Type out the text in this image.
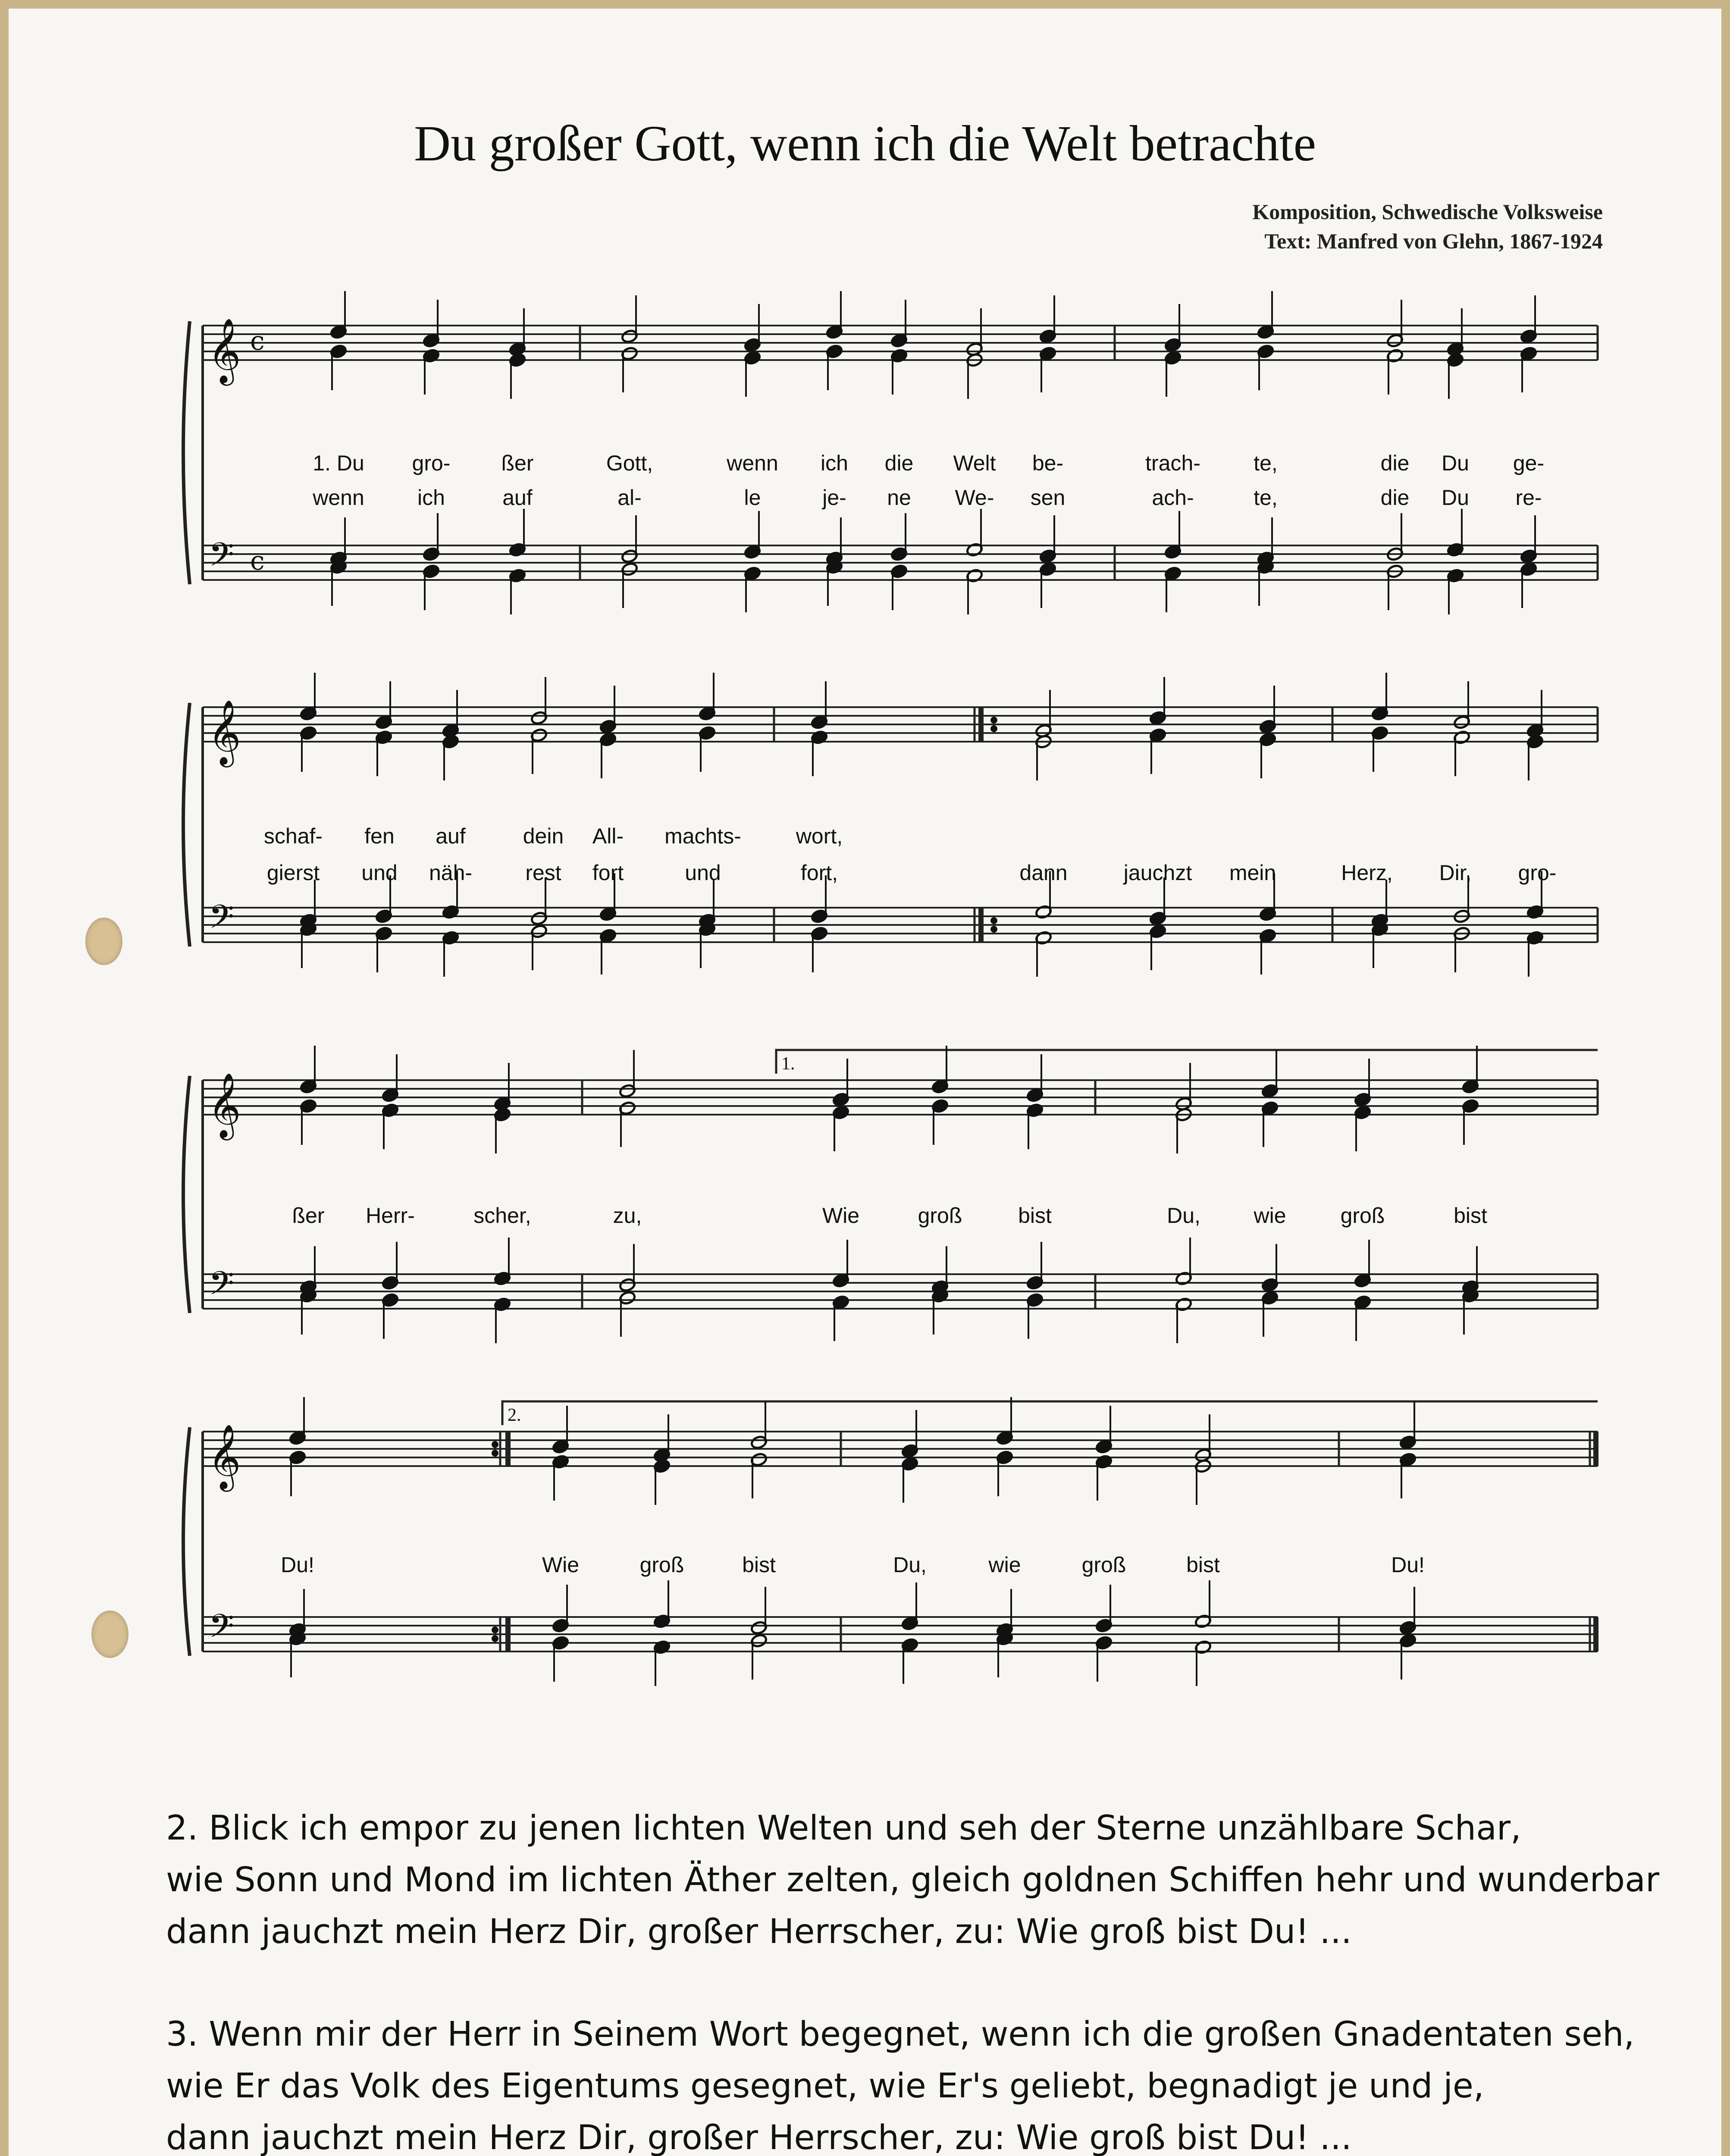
Du großer Gott, wenn ich die Welt betrachte
Komposition, Schwedische Volksweise
Text: Manfred von Glehn, 1867-1924
𝄞
𝄢
c
c
𝄞
𝄢
𝄞
𝄢
1.
𝄞
𝄢
2.
1. Du gro- ßer	Gott,	wenn ich die Welt be-	trach- te,	die Du ge-
wenn ich	auf	al-	le	je- ne We- sen	ach-	te,	die Du re-
schaf- fen auf	dein All- machts-	wort,
gierst und näh- rest fort	und	fort,	dann	jauchzt mein	Herz, Dir, gro-
ßer Herr-	scher,	zu,	Wie	groß	bist	Du, wie	groß	bist
Du!	Wie	groß	bist	Du,	wie	groß	bist	Du!
2. Blick ich empor zu jenen lichten Welten und seh der Sterne unzählbare Schar,
wie Sonn und Mond im lichten Äther zelten, gleich goldnen Schiffen hehr und wunderbar
dann jauchzt mein Herz Dir, großer Herrscher, zu: Wie groß bist Du! ...
3. Wenn mir der Herr in Seinem Wort begegnet, wenn ich die großen Gnadentaten seh,
wie Er das Volk des Eigentums gesegnet, wie Er's geliebt, begnadigt je und je,
dann jauchzt mein Herz Dir, großer Herrscher, zu: Wie groß bist Du! ...
